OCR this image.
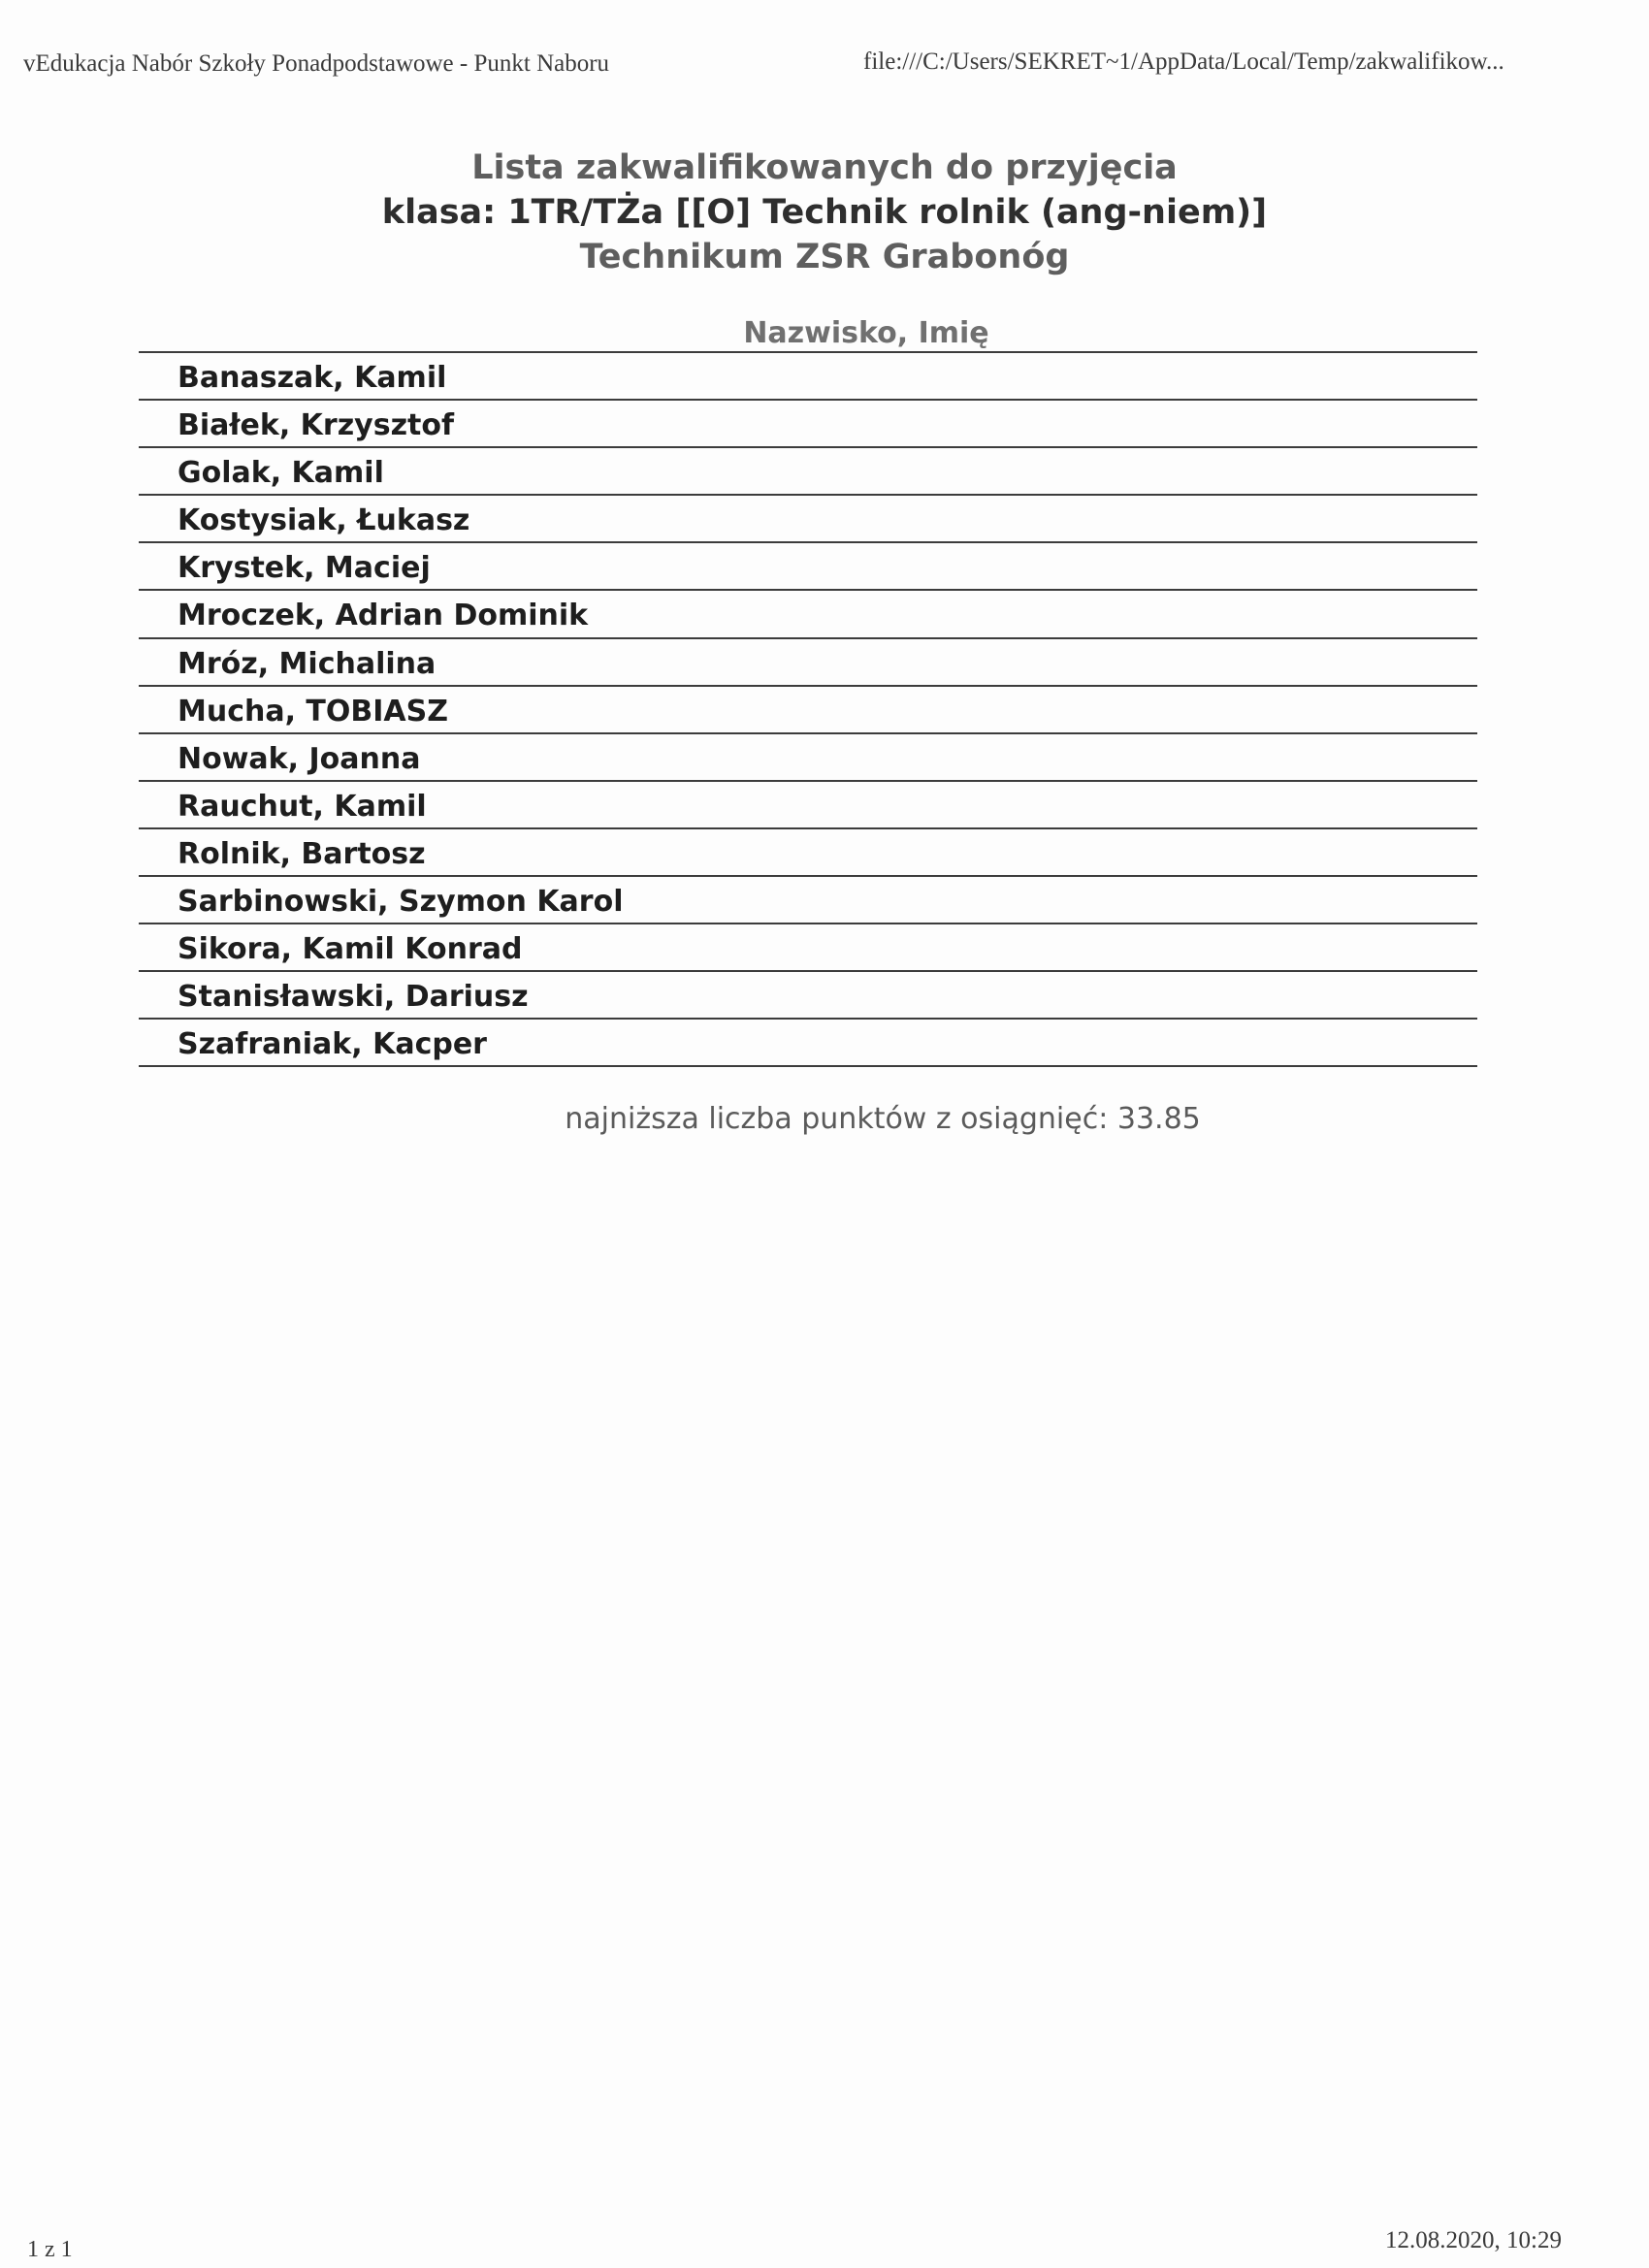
vEdukacja Nabór Szkoły Ponadpodstawowe - Punkt Naboru	file:///C:/Users/SEKRET~1/AppData/Local/Temp/zakwalifikow...
Lista zakwalifikowanych do przyjęcia
klasa: 1TR/TŻa [[O] Technik rolnik (ang-niem)]
Technikum ZSR Grabonóg
Nazwisko, Imię
Banaszak, Kamil
Białek, Krzysztof
Golak, Kamil
Kostysiak, Łukasz
Krystek, Maciej
Mroczek, Adrian Dominik
Mróz, Michalina
Mucha, TOBIASZ
Nowak, Joanna
Rauchut, Kamil
Rolnik, Bartosz
Sarbinowski, Szymon Karol
Sikora, Kamil Konrad
Stanisławski, Dariusz
Szafraniak, Kacper
najniższa liczba punktów z osiągnięć: 33.85
1 z 1	12.08.2020, 10:29
